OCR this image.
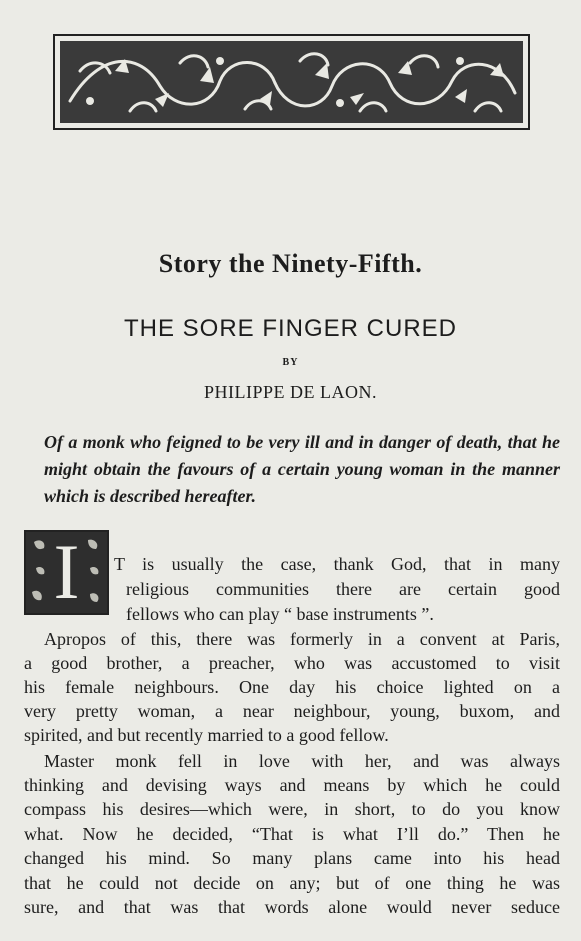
Story the Ninety-Fifth.
THE SORE FINGER CURED
BY
PHILIPPE DE LAON.
Of a monk who feigned to be very ill and in danger of death, that he might obtain the favours of a certain young woman in the manner which is described hereafter.
I	T is usually the case, thank God, that in many
religious communities there are certain good
fellows who can play “ base instruments ”.
Apropos of this, there was formerly in a convent at Paris,
a good brother, a preacher, who was accustomed to visit
his female neighbours. One day his choice lighted on a
very pretty woman, a near neighbour, young, buxom, and
spirited, and but recently married to a good fellow.
Master monk fell in love with her, and was always
thinking and devising ways and means by which he could
compass his desires—which were, in short, to do you know
what. Now he decided, “That is what I’ll do.” Then he
changed his mind. So many plans came into his head
that he could not decide on any; but of one thing he was
sure, and that was that words alone would never seduce
